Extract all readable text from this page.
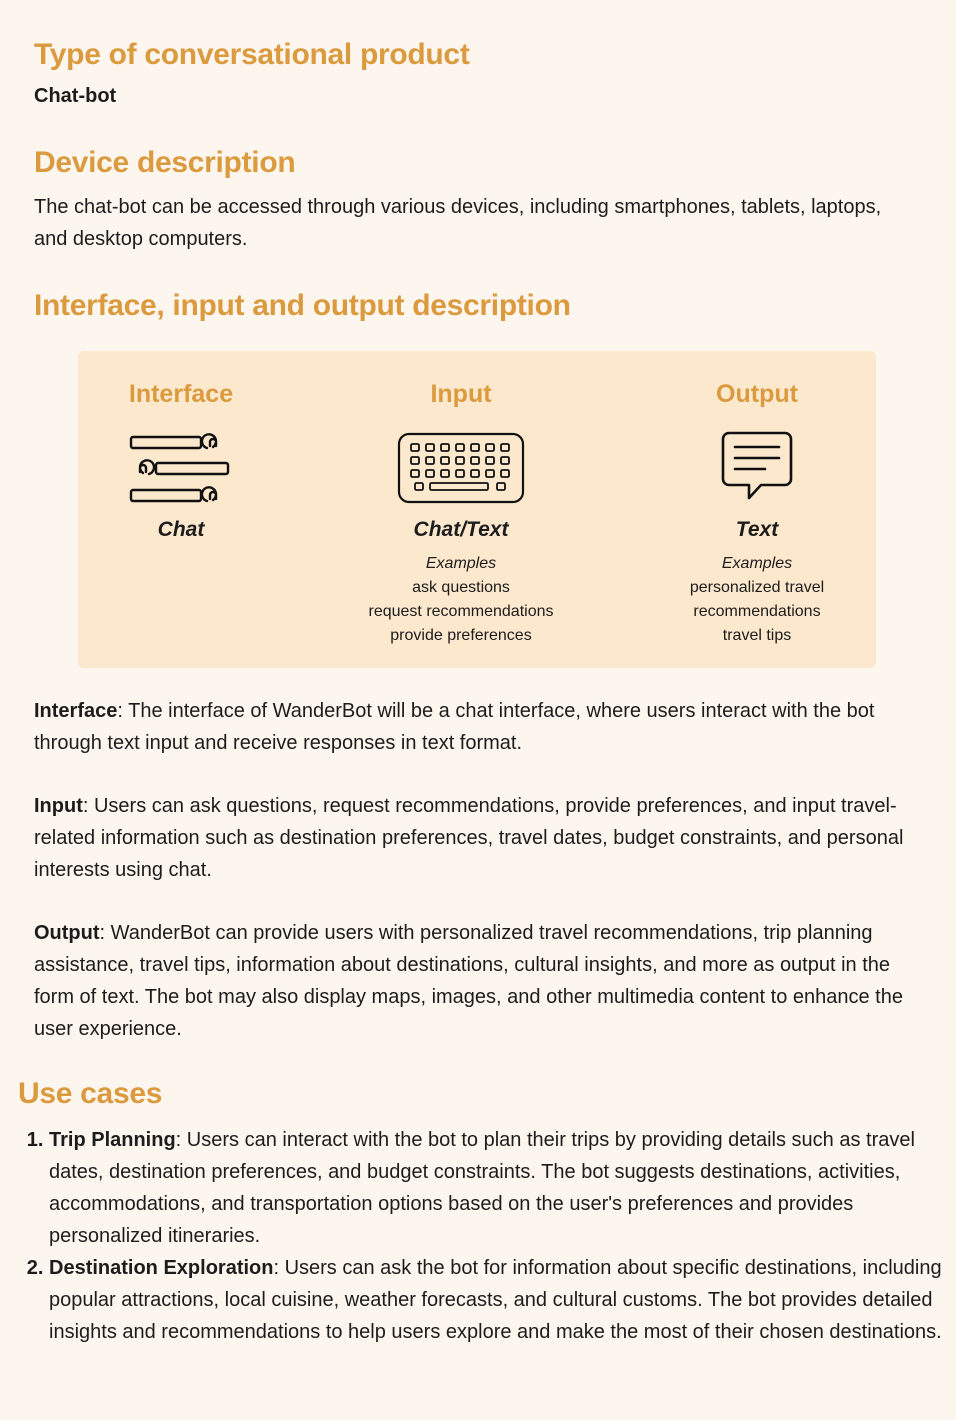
Type of conversational product
Chat-bot
Device description

The chat-bot can be accessed through various devices, including smartphones, tablets, laptops, and desktop computers.

Interface, input and output description
Interface
Chat
Input
Chat/Text
Examples
ask questions
request recommendations
provide preferences
Output
Text
Examples
personalized travel
recommendations
travel tips

Interface: The interface of WanderBot will be a chat interface, where users interact with the bot through text input and receive responses in text format.

Input: Users can ask questions, request recommendations, provide preferences, and input travel-related information such as destination preferences, travel dates, budget constraints, and personal interests using chat.

Output: WanderBot can provide users with personalized travel recommendations, trip planning assistance, travel tips, information about destinations, cultural insights, and more as output in the form of text. The bot may also display maps, images, and other multimedia content to enhance the user experience.

Use cases
1. Trip Planning: Users can interact with the bot to plan their trips by providing details such as travel dates, destination preferences, and budget constraints. The bot suggests destinations, activities, accommodations, and transportation options based on the user's preferences and provides personalized itineraries.
2. Destination Exploration: Users can ask the bot for information about specific destinations, including popular attractions, local cuisine, weather forecasts, and cultural customs. The bot provides detailed insights and recommendations to help users explore and make the most of their chosen destinations.
